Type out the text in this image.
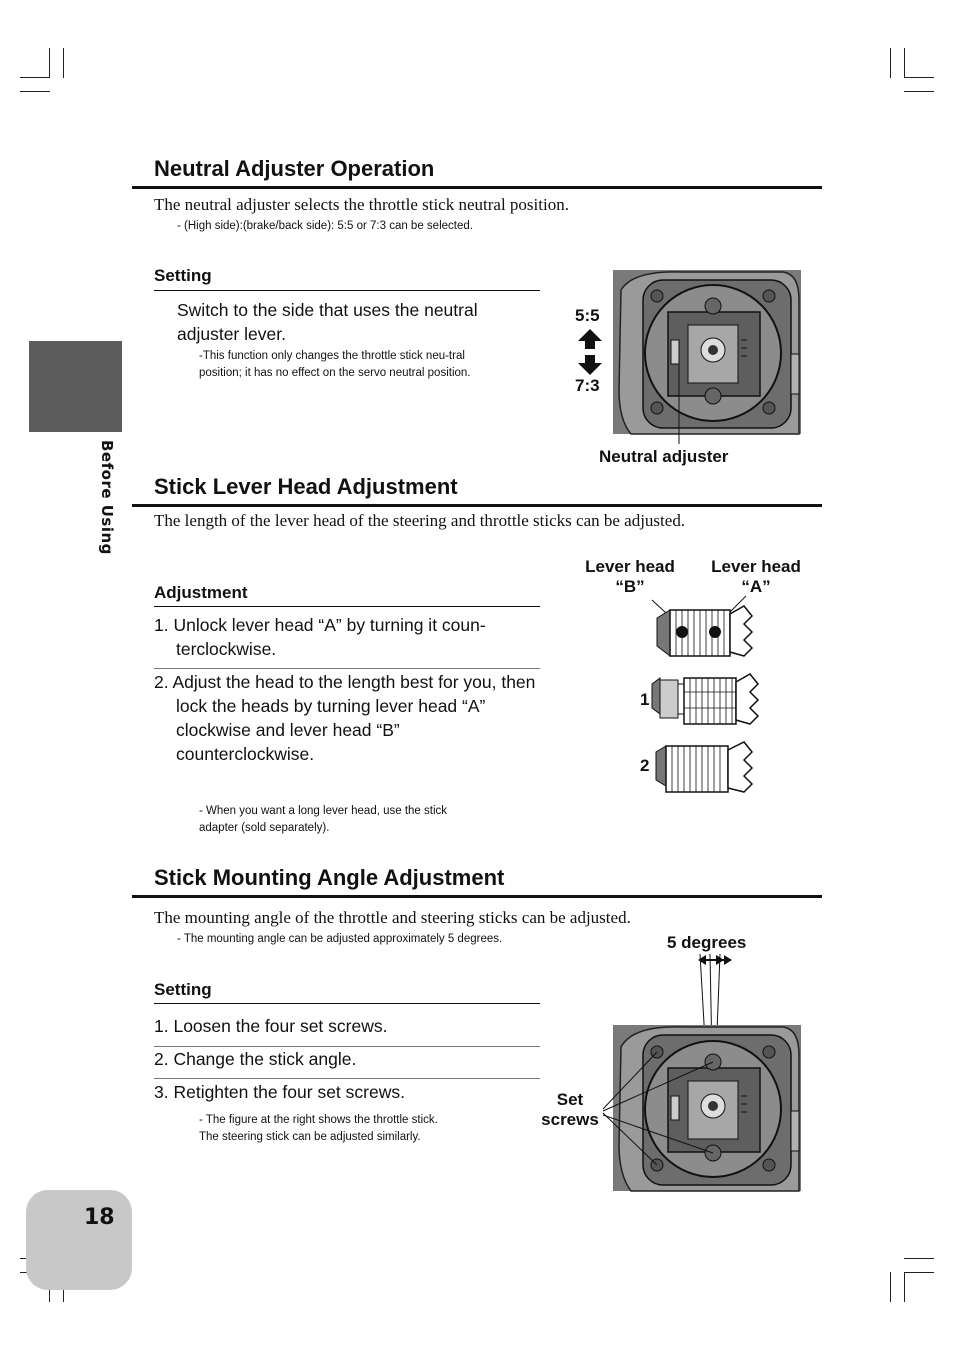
Before Using
18
Neutral Adjuster Operation
The neutral adjuster selects the throttle stick neutral position.
- (High side):(brake/back side): 5:5 or 7:3 can be selected.
Setting
Switch to the side that uses the neutral adjuster lever.
-This function only changes the throttle stick neu-tral position; it has no effect on the servo neutral position.
5:5
7:3
Neutral adjuster
Stick Lever Head Adjustment
The length of the lever head of the steering and throttle sticks can be adjusted.
Adjustment
1. Unlock lever head “A” by turning it coun-terclockwise.
2. Adjust the head to the length best for you, then lock the heads by turning lever head “A” clockwise and lever head “B” counterclockwise.
- When you want a long lever head, use the stick adapter (sold separately).
Lever head
“B”
Lever head
“A”
1
2
Stick Mounting Angle Adjustment
The mounting angle of the throttle and steering sticks can be adjusted.
- The mounting angle can be adjusted approximately 5 degrees.
Setting
1. Loosen the four set screws.
2. Change the stick angle.
3. Retighten the four set screws.
- The figure at the right shows the throttle stick.
The steering stick can be adjusted similarly.
5 degrees
Set
screws
